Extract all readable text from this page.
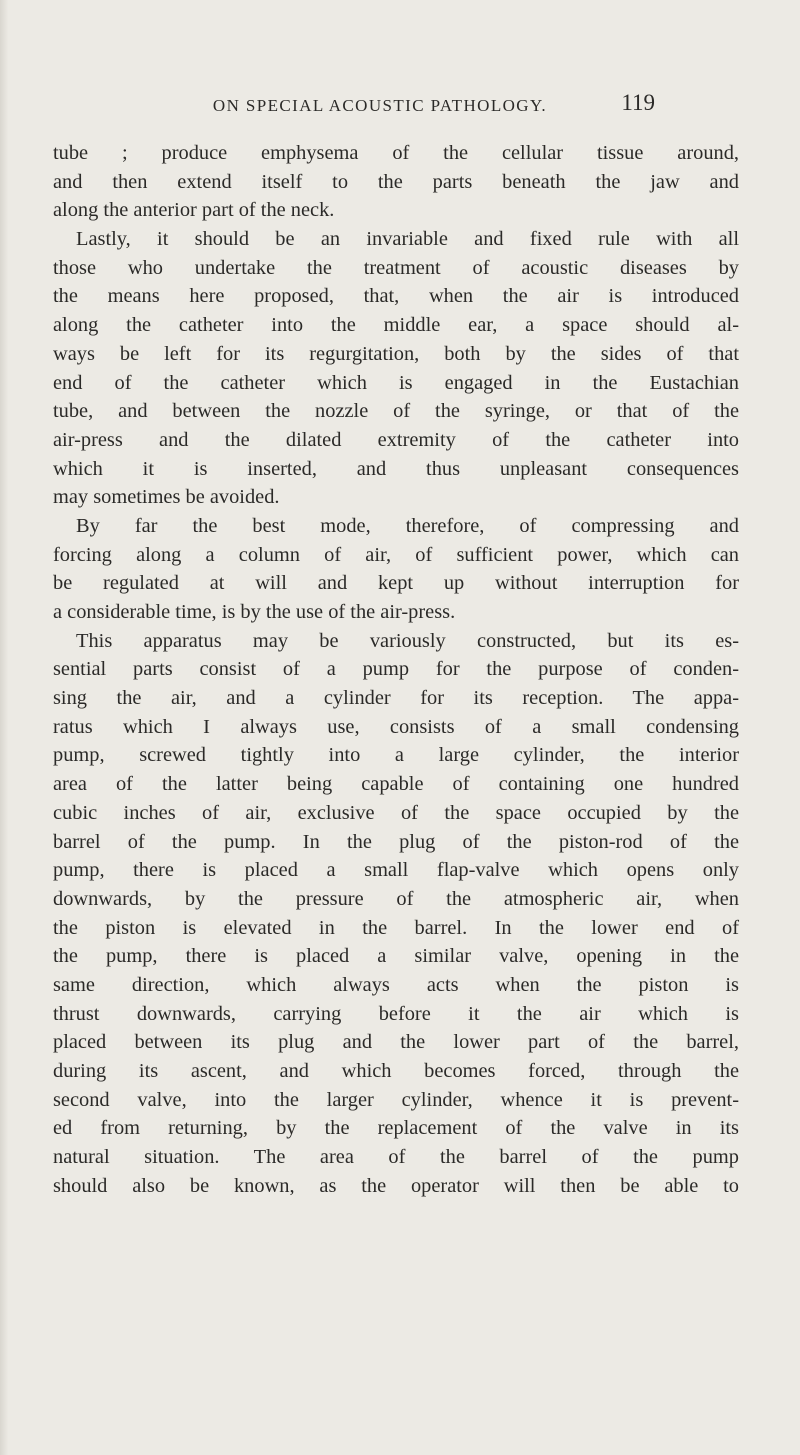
ON SPECIAL ACOUSTIC PATHOLOGY.	119
tube ; produce emphysema of the cellular tissue around,
and then extend itself to the parts beneath the jaw and
along the anterior part of the neck.
Lastly, it should be an invariable and fixed rule with all
those who undertake the treatment of acoustic diseases by
the means here proposed, that, when the air is introduced
along the catheter into the middle ear, a space should al-
ways be left for its regurgitation, both by the sides of that
end of the catheter which is engaged in the Eustachian
tube, and between the nozzle of the syringe, or that of the
air-press and the dilated extremity of the catheter into
which it is inserted, and thus unpleasant consequences
may sometimes be avoided.
By far the best mode, therefore, of compressing and
forcing along a column of air, of sufficient power, which can
be regulated at will and kept up without interruption for
a considerable time, is by the use of the air-press.
This apparatus may be variously constructed, but its es-
sential parts consist of a pump for the purpose of conden-
sing the air, and a cylinder for its reception. The appa-
ratus which I always use, consists of a small condensing
pump, screwed tightly into a large cylinder, the interior
area of the latter being capable of containing one hundred
cubic inches of air, exclusive of the space occupied by the
barrel of the pump. In the plug of the piston-rod of the
pump, there is placed a small flap-valve which opens only
downwards, by the pressure of the atmospheric air, when
the piston is elevated in the barrel. In the lower end of
the pump, there is placed a similar valve, opening in the
same direction, which always acts when the piston is
thrust downwards, carrying before it the air which is
placed between its plug and the lower part of the barrel,
during its ascent, and which becomes forced, through the
second valve, into the larger cylinder, whence it is prevent-
ed from returning, by the replacement of the valve in its
natural situation. The area of the barrel of the pump
should also be known, as the operator will then be able to
